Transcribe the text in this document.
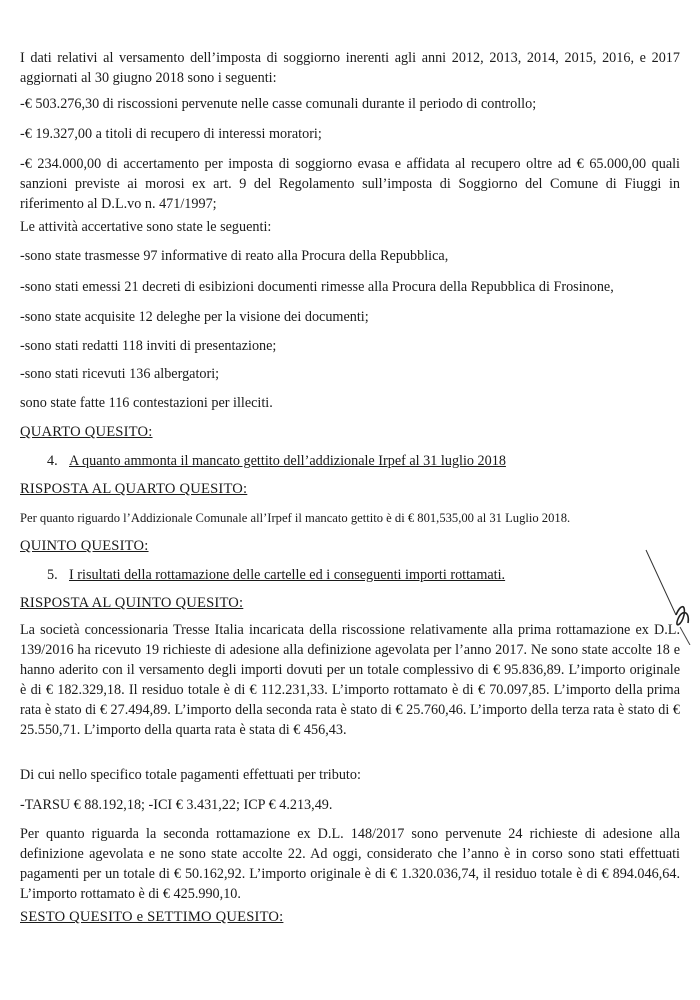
I dati relativi al versamento dell’imposta di soggiorno inerenti agli anni 2012, 2013, 2014, 2015, 2016, e 2017 aggiornati al 30 giugno 2018 sono i seguenti:

-€ 503.276,30 di riscossioni pervenute nelle casse comunali durante il periodo di controllo;

-€ 19.327,00 a titoli di recupero di interessi moratori;

-€ 234.000,00 di accertamento per imposta di soggiorno evasa e affidata al recupero oltre ad € 65.000,00 quali sanzioni previste ai morosi ex art. 9 del Regolamento sull’imposta di Soggiorno del Comune di Fiuggi in riferimento al D.L.vo n. 471/1997;

Le attività accertative sono state le seguenti:

-sono state trasmesse 97 informative di reato alla Procura della Repubblica,

-sono stati emessi 21 decreti di esibizioni documenti rimesse alla Procura della Repubblica di Frosinone,

-sono state acquisite 12 deleghe per la visione dei documenti;

-sono stati redatti 118 inviti di presentazione;

-sono stati ricevuti 136 albergatori;

sono state fatte 116 contestazioni per illeciti.

QUARTO QUESITO:

4. A quanto ammonta il mancato gettito dell’addizionale Irpef al 31 luglio 2018

RISPOSTA AL QUARTO QUESITO:

Per quanto riguardo l’Addizionale Comunale all’Irpef il mancato gettito è di € 801,535,00 al 31 Luglio 2018.

QUINTO QUESITO:

5. I risultati della rottamazione delle cartelle ed i conseguenti importi rottamati.

RISPOSTA AL QUINTO QUESITO:

La società concessionaria Tresse Italia incaricata della riscossione relativamente alla prima rottamazione ex D.L. 139/2016 ha ricevuto 19 richieste di adesione alla definizione agevolata per l’anno 2017. Ne sono state accolte 18 e hanno aderito con il versamento degli importi dovuti per un totale complessivo di € 95.836,89. L’importo originale è di € 182.329,18. Il residuo totale è di € 112.231,33. L’importo rottamato è di € 70.097,85. L’importo della prima rata è stato di € 27.494,89. L’importo della seconda rata è stato di € 25.760,46. L’importo della terza rata è stato di € 25.550,71. L’importo della quarta rata è stata di € 456,43.

Di cui nello specifico totale pagamenti effettuati per tributo:

-TARSU € 88.192,18; -ICI € 3.431,22; ICP € 4.213,49.

Per quanto riguarda la seconda rottamazione ex D.L. 148/2017 sono pervenute 24 richieste di adesione alla definizione agevolata e ne sono state accolte 22. Ad oggi, considerato che l’anno è in corso sono stati effettuati pagamenti per un totale di € 50.162,92. L’importo originale è di € 1.320.036,74, il residuo totale è di € 894.046,64. L’importo rottamato è di € 425.990,10.

SESTO QUESITO e SETTIMO QUESITO:
